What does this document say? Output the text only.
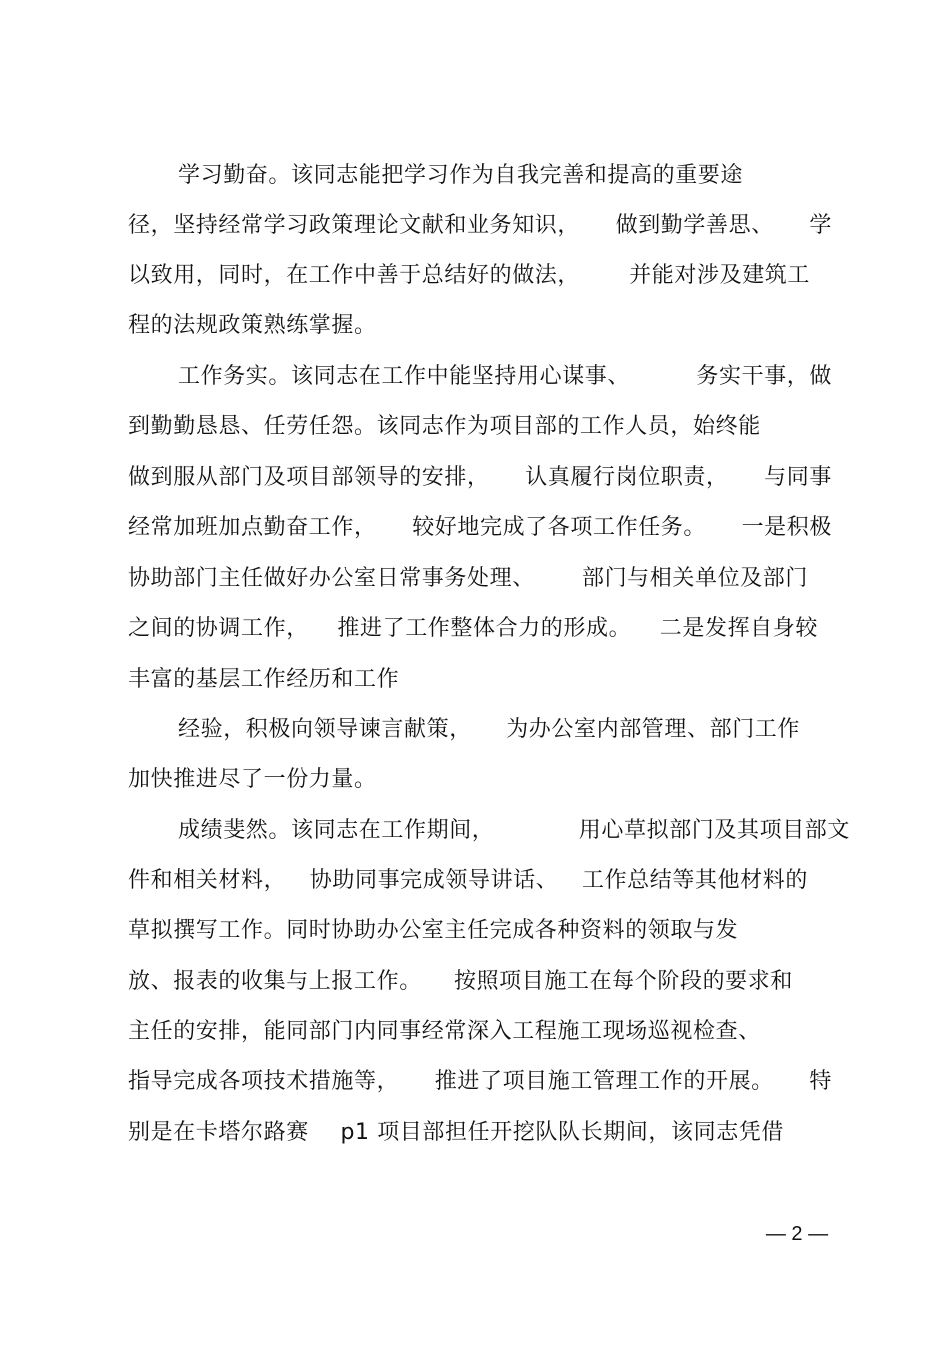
学习勤奋。该同志能把学习作为自我完善和提高的重要途
径，坚持经常学习政策理论文献和业务知识， 做到勤学善思、 学
以致用，同时，在工作中善于总结好的做法， 并能对涉及建筑工
程的法规政策熟练掌握。
工作务实。该同志在工作中能坚持用心谋事、	务实干事，做
到勤勤恳恳、任劳任怨。该同志作为项目部的工作人员，始终能
做到服从部门及项目部领导的安排， 认真履行岗位职责， 与同事
经常加班加点勤奋工作， 较好地完成了各项工作任务。 一是积极
协助部门主任做好办公室日常事务处理、 部门与相关单位及部门
之间的协调工作， 推进了工作整体合力的形成。 二是发挥自身较
丰富的基层工作经历和工作
经验，积极向领导谏言献策， 为办公室内部管理、部门工作
加快推进尽了一份力量。
成绩斐然。该同志在工作期间，	用心草拟部门及其项目部文
件和相关材料， 协助同事完成领导讲话、 工作总结等其他材料的
草拟撰写工作。同时协助办公室主任完成各种资料的领取与发
放、报表的收集与上报工作。 按照项目施工在每个阶段的要求和
主任的安排，能同部门内同事经常深入工程施工现场巡视检查、
指导完成各项技术措施等， 推进了项目施工管理工作的开展。 特
别是在卡塔尔路赛 p1 项目部担任开挖队队长期间，该同志凭借
— 2 —
